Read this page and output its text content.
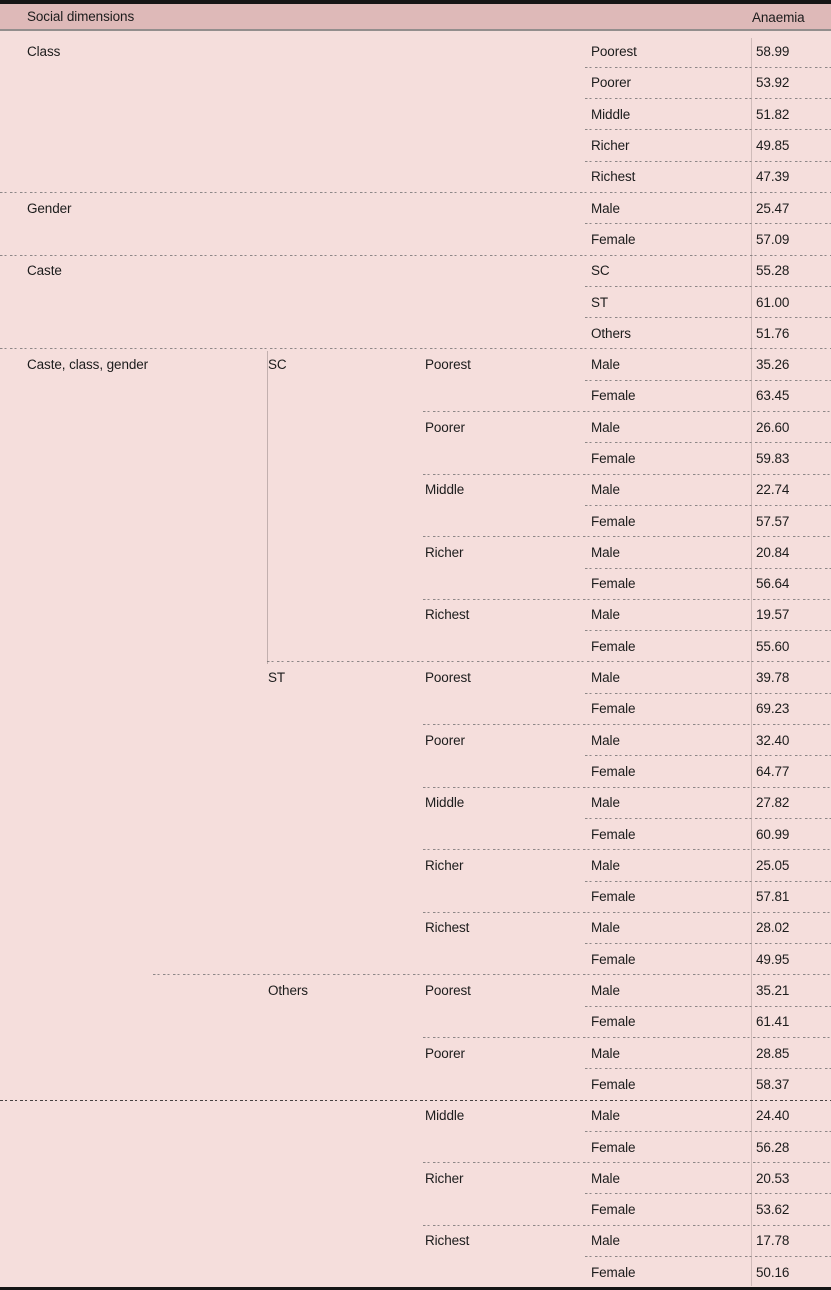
Social dimensions	Anaemia
Class	Poorest	58.99
Poorer	53.92
Middle	51.82
Richer	49.85
Richest	47.39
Gender	Male	25.47
Female	57.09
Caste	SC	55.28
ST	61.00
Others	51.76
Caste, class, gender	SC	Poorest	Male	35.26
Female	63.45
Poorer	Male	26.60
Female	59.83
Middle	Male	22.74
Female	57.57
Richer	Male	20.84
Female	56.64
Richest	Male	19.57
Female	55.60
ST	Poorest	Male	39.78
Female	69.23
Poorer	Male	32.40
Female	64.77
Middle	Male	27.82
Female	60.99
Richer	Male	25.05
Female	57.81
Richest	Male	28.02
Female	49.95
Others	Poorest	Male	35.21
Female	61.41
Poorer	Male	28.85
Female	58.37
Middle	Male	24.40
Female	56.28
Richer	Male	20.53
Female	53.62
Richest	Male	17.78
Female	50.16
